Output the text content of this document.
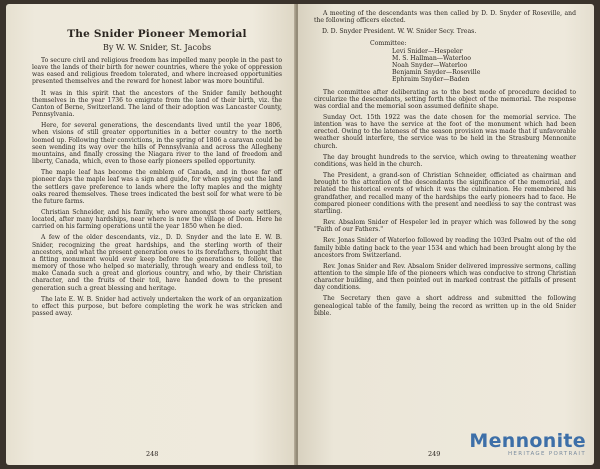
The Snider Pioneer Memorial
By W. W. Snider, St. Jacobs

To secure civil and religious freedom has impelled many people in the past to leave the lands of their birth for newer countries, where the yoke of oppression was eased and religious freedom tolerated, and where increased opportunities presented themselves and the reward for honest labor was more bountiful.

It was in this spirit that the ancestors of the Snider family bethought themselves in the year 1736 to emigrate from the land of their birth, viz. the Canton of Berne, Switzerland. The land of their adoption was Lancaster County, Pennsylvania.

Here, for several generations, the descendants lived until the year 1806, when visions of still greater opportunities in a better country to the north loomed up. Following their convictions, in the spring of 1806 a caravan could be seen wending its way over the hills of Pennsylvania and across the Allegheny mountains, and finally crossing the Niagara river to the land of freedom and liberty, Canada, which, even to those early pioneers spelled opportunity.

The maple leaf has become the emblem of Canada, and in those far off pioneer days the maple leaf was a sign and guide, for when spying out the land the settlers gave preference to lands where the lofty maples and the mighty oaks reared themselves. These trees indicated the best soil for what were to be the future farms.

Christian Schneider, and his family, who were amongst those early settlers, located, after many hardships, near where is now the village of Doon. Here he carried on his farming operations until the year 1850 when he died.

A few of the older descendants, viz., D. D. Snyder and the late E. W. B. Snider, recognizing the great hardships, and the sterling worth of their ancestors, and what the present generation owes to its forefathers, thought that a fitting monument would ever keep before the generations to follow, the memory of those who helped so materially, through weary and endless toil, to make Canada such a great and glorious country, and who, by their Christian character, and the fruits of their toil, have handed down to the present generation such a great blessing and heritage.

The late E. W. B. Snider had actively undertaken the work of an organization to effect this purpose, but before completing the work he was stricken and passed away.

248

A meeting of the descendants was then called by D. D. Snyder of Roseville, and the following officers elected.

D. D. Snyder President. W. W. Snider Secy. Treas.
Committee:
Levi Snider—Hespeler
M. S. Hallman—Waterloo
Noah Snyder—Waterloo
Benjamin Snyder—Roseville
Ephraim Snyder—Baden

The committee after deliberating as to the best mode of procedure decided to circularize the descendants, setting forth the object of the memorial. The response was cordial and the memorial soon assumed definite shape.

Sunday Oct. 15th 1922 was the date chosen for the memorial service. The intention was to have the service at the foot of the monument which had been erected. Owing to the lateness of the season provision was made that if unfavorable weather should interfere, the service was to be held in the Strasburg Mennonite church.

The day brought hundreds to the service, which owing to threatening weather conditions, was held in the church.

The President, a grand-son of Christian Schneider, officiated as chairman and brought to the attention of the descendants the significance of the memorial, and related the historical events of which it was the culmination. He remembered his grandfather, and recalled many of the hardships the early pioneers had to face. He compared pioneer conditions with the present and needless to say the contrast was startling.

Rev. Absalom Snider of Hespeler led in prayer which was followed by the song "Faith of our Fathers."

Rev. Jonas Snider of Waterloo followed by reading the 103rd Psalm out of the old family bible dating back to the year 1534 and which had been brought along by the ancestors from Switzerland.

Rev. Jonas Snider and Rev. Absalom Snider delivered impressive sermons, calling attention to the simple life of the pioneers which was conducive to strong Christian character building, and then pointed out in marked contrast the pitfalls of present day conditions.

The Secretary then gave a short address and submitted the following genealogical table of the family, being the record as written up in the old Snider bible.

249
Mennonite
HERITAGE PORTRAIT
